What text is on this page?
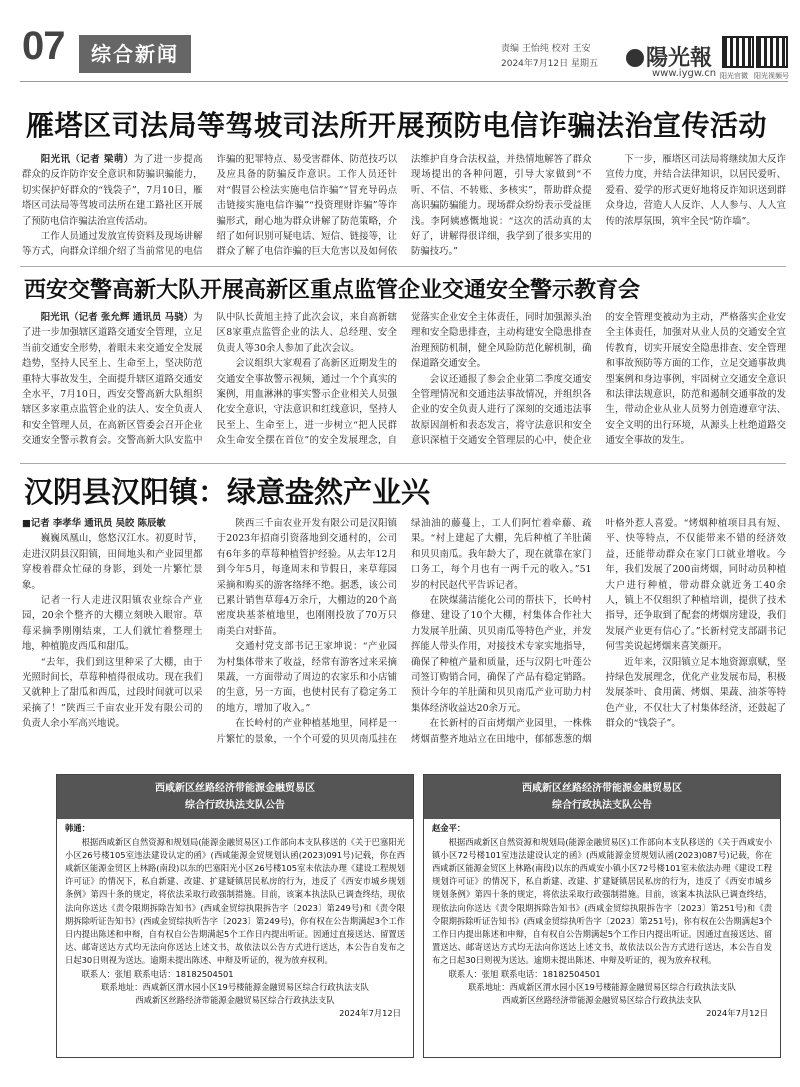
07	综合新闻	责编 王怡纯 校对 王安
2024年7月12日 星期五	陽光報
www.iygw.cn 阳光官微 阳光视频号
雁塔区司法局等驾坡司法所开展预防电信诈骗法治宣传活动

阳光讯（记者 梁萌）为了进一步提高群众的反诈防诈安全意识和防骗识骗能力，切实保护好群众的“钱袋子”，7月10日，雁塔区司法局等驾坡司法所在建工路社区开展了预防电信诈骗法治宣传活动。

工作人员通过发放宣传资料及现场讲解等方式，向群众详细介绍了当前常见的电信诈骗的犯罪特点、易受害群体、防范技巧以及应具备的防骗反诈意识。工作人员还针对“假冒公检法实施电信诈骗”“冒充导码点击链接实施电信诈骗”“投资理财诈骗”等诈骗形式，耐心地为群众讲解了防范策略，介绍了如何识别可疑电话、短信、链接等，让群众了解了电信诈骗的巨大危害以及如何依法维护自身合法权益，并热情地解答了群众现场提出的各种问题，引导大家做到“不听、不信、不转账、多核实”，帮助群众提高识骗防骗能力。现场群众纷纷表示受益匪浅。李阿姨感慨地说：“这次的活动真的太好了，讲解得很详细，我学到了很多实用的防骗技巧。”

下一步，雁塔区司法局将继续加大反诈宣传力度，并结合法律知识，以居民爱听、爱看、爱学的形式更好地将反诈知识送到群众身边，营造人人反诈、人人参与、人人宣传的浓厚氛围，筑牢全民“防诈墙”。

西安交警高新大队开展高新区重点监管企业交通安全警示教育会

阳光讯（记者 张允辉 通讯员 马骁）为了进一步加强辖区道路交通安全管理，立足当前交通安全形势，着眼未来交通安全发展趋势，坚持人民至上、生命至上，坚决防范重特大事故发生，全面提升辖区道路交通安全水平，7月10日，西安交警高新大队组织辖区多家重点监管企业的法人、安全负责人和安全管理人员，在高新区管委会召开企业交通安全警示教育会。交警高新大队安监中队中队长黄旭主持了此次会议，来自高新辖区8家重点监管企业的法人、总经理、安全负责人等30余人参加了此次会议。

会议组织大家观看了高新区近期发生的交通安全事故警示视频，通过一个个真实的案例，用血淋淋的事实警示企业相关人员强化安全意识，守法意识和红线意识，坚持人民至上、生命至上，进一步树立“把人民群众生命安全摆在首位”的安全发展理念，自觉落实企业安全主体责任，同时加强源头治理和安全隐患排查，主动构建安全隐患排查治理预防机制，健全风险防范化解机制，确保道路交通安全。

会议还通报了参会企业第二季度交通安全管理情况和交通违法事故情况，并组织各企业的安全负责人进行了深刻的交通违法事故原因剖析和表态发言，将守法意识和安全意识深植于交通安全管理层的心中，使企业的安全管理变被动为主动，严格落实企业安全主体责任，加强对从业人员的交通安全宣传教育，切实开展安全隐患排查、安全管理和事故预防等方面的工作，立足交通事故典型案例和身边事例，牢固树立交通安全意识和法律法规意识，防范和遏制交通事故的发生，带动企业从业人员努力创造遵章守法、安全文明的出行环境，从源头上杜绝道路交通安全事故的发生。

汉阴县汉阳镇：绿意盎然产业兴

■记者 李孝华 通讯员 吴皎 陈辰敏

巍巍凤凰山，悠悠汉江水。初夏时节，走进汉阴县汉阳镇，田间地头和产业园里都穿梭着群众忙碌的身影，到处一片繁忙景象。

记者一行人走进汉阳镇农业综合产业园，20余个整齐的大棚立刻映入眼帘。草莓采摘季刚刚结束，工人们就忙着整理土地，种植脆皮西瓜和甜瓜。

“去年，我们到这里种采了大棚，由于光照时间长，草莓种植得很成功。现在我们又就种上了甜瓜和西瓜，过段时间就可以采采摘了！”陕西三千亩农业开发有限公司的负责人余小军高兴地说。

陕西三千亩农业开发有限公司是汉阳镇于2023年招商引资落地到交通村的，公司有6年多的草莓种植管护经验。从去年12月到今年5月，每逢周末和节假日，来草莓园采摘和购买的游客络绎不绝。据悉，该公司已累计销售草莓4万余斤，大棚边的20个高密度块基茶植地里，也刚刚投放了70万只南美白对虾苗。

交通村党支部书记王家坤说：“产业园为村集体带来了收益，经常有游客过来采摘果蔬，一方面带动了周边的农家乐和小店铺的生意，另一方面，也使村民有了稳定务工的地方，增加了收入。”

在长岭村的产业种植基地里，同样是一片繁忙的景象，一个个可爱的贝贝南瓜挂在绿油油的藤蔓上，工人们阿忙着牵藤、疏果。“村上建起了大棚，先后种植了羊肚菌和贝贝南瓜。我年龄大了，现在就靠在家门口务工，每个月也有一两千元的收入。”51岁的村民赵代平告诉记者。

在陕煤蒲洁能化公司的帮扶下，长岭村修建、建设了10个大棚，村集体合作社大力发展羊肚菌、贝贝南瓜等特色产业，并发挥能人带头作用，对接技术专家实地指导，确保了种植产量和质量，还与汉阴七叶莲公司签订购销合同，确保了产品有稳定销路。预计今年的羊肚菌和贝贝南瓜产业可助力村集体经济收益达20余万元。

在长新村的百亩烤烟产业园里，一株株烤烟苗整齐地站立在田地中，郁郁葱葱的烟叶格外惹人喜爱。“烤烟种植项目具有短、平、快等特点，不仅能带来不错的经济效益，还能带动群众在家门口就业增收。今年，我们发展了200亩烤烟，同时动员种植大户进行种植，带动群众就近务工40余人，镇上不仅组织了种植培训，提供了技术指导，还争取到了配套的烤烟房建设，我们发展产业更有信心了。”长新村党支部副书记何雪美说起烤烟来喜笑颜开。

近年来，汉阳镇立足本地资源禀赋，坚持绿色发展理念，优化产业发展布局，积极发展茶叶、食用菌、烤烟、果蔬、油茶等特色产业，不仅壮大了村集体经济，还鼓起了群众的“钱袋子”。

西咸新区丝路经济带能源金融贸易区
综合行政执法支队公告
韩通：
根据西咸新区自然资源和规划局(能源金融贸易区)工作部向本支队移送的《关于巴塞阳光小区26号楼105室违法建设认定的函》(西咸能源金贸规划认函(2023)091号)记载，你在西咸新区能源金贸区上林路(南段)以东的巴塞阳光小区26号楼105室未依法办理《建设工程规划许可证》的情况下，私自新建、改建、扩建疑镇居民私房的行为，违反了《西安市城乡规划条例》第四十条的规定，将依法采取行政强制措施。目前，该案本执法队已调查终结，现依法向你送达《责令限期拆除告知书》(西咸金贸综执限拆告字〔2023〕第249号)和《责令限期拆除听证告知书》(西咸金贸综执听告字〔2023〕第249号)，你有权在公告期满起3个工作日内提出陈述和申辩，自有权自公告期满起5个工作日内提出听证。因通过直接送达、留置送达、邮寄送达方式均无法向你送达上述文书，故依法以公告方式进行送达，本公告自发布之日起30日则视为送达。逾期未提出陈述、申辩及听证的，视为放弃权利。
联系人：张旭 联系电话：18182504501
联系地址：西咸新区渭水园小区19号楼能源金融贸易区综合行政执法支队
西咸新区丝路经济带能源金融贸易区综合行政执法支队
2024年7月12日
西咸新区丝路经济带能源金融贸易区
综合行政执法支队公告
赵金平：
根据西咸新区自然资源和规划局(能源金融贸易区)工作部向本支队移送的《关于西咸安小镇小区72号楼101室违法建设认定的函》(西咸能源金贸规划认函(2023)087号)记载，你在西咸新区能源金贸区上林路(南段)以东的西咸安小镇小区72号楼101室未依法办理《建设工程规划许可证》的情况下，私自新建、改建、扩建疑镇居民私房的行为，违反了《西安市城乡规划条例》第四十条的规定，将依法采取行政强制措施。目前，该案本执法队已调查终结，现依法向你送达《责令限期拆除告知书》(西咸金贸综执限拆告字〔2023〕第251号)和《责令限期拆除听证告知书》(西咸金贸综执听告字〔2023〕第251号)，你有权在公告期满起3个工作日内提出陈述和申辩，自有权自公告期满起5个工作日内提出听证。因通过直接送达、留置送达、邮寄送达方式均无法向你送达上述文书，故依法以公告方式进行送达，本公告自发布之日起30日则视为送达。逾期未提出陈述、申辩及听证的，视为放弃权利。
联系人：张旭 联系电话：18182504501
联系地址：西咸新区渭水园小区19号楼能源金融贸易区综合行政执法支队
西咸新区丝路经济带能源金融贸易区综合行政执法支队
2024年7月12日
